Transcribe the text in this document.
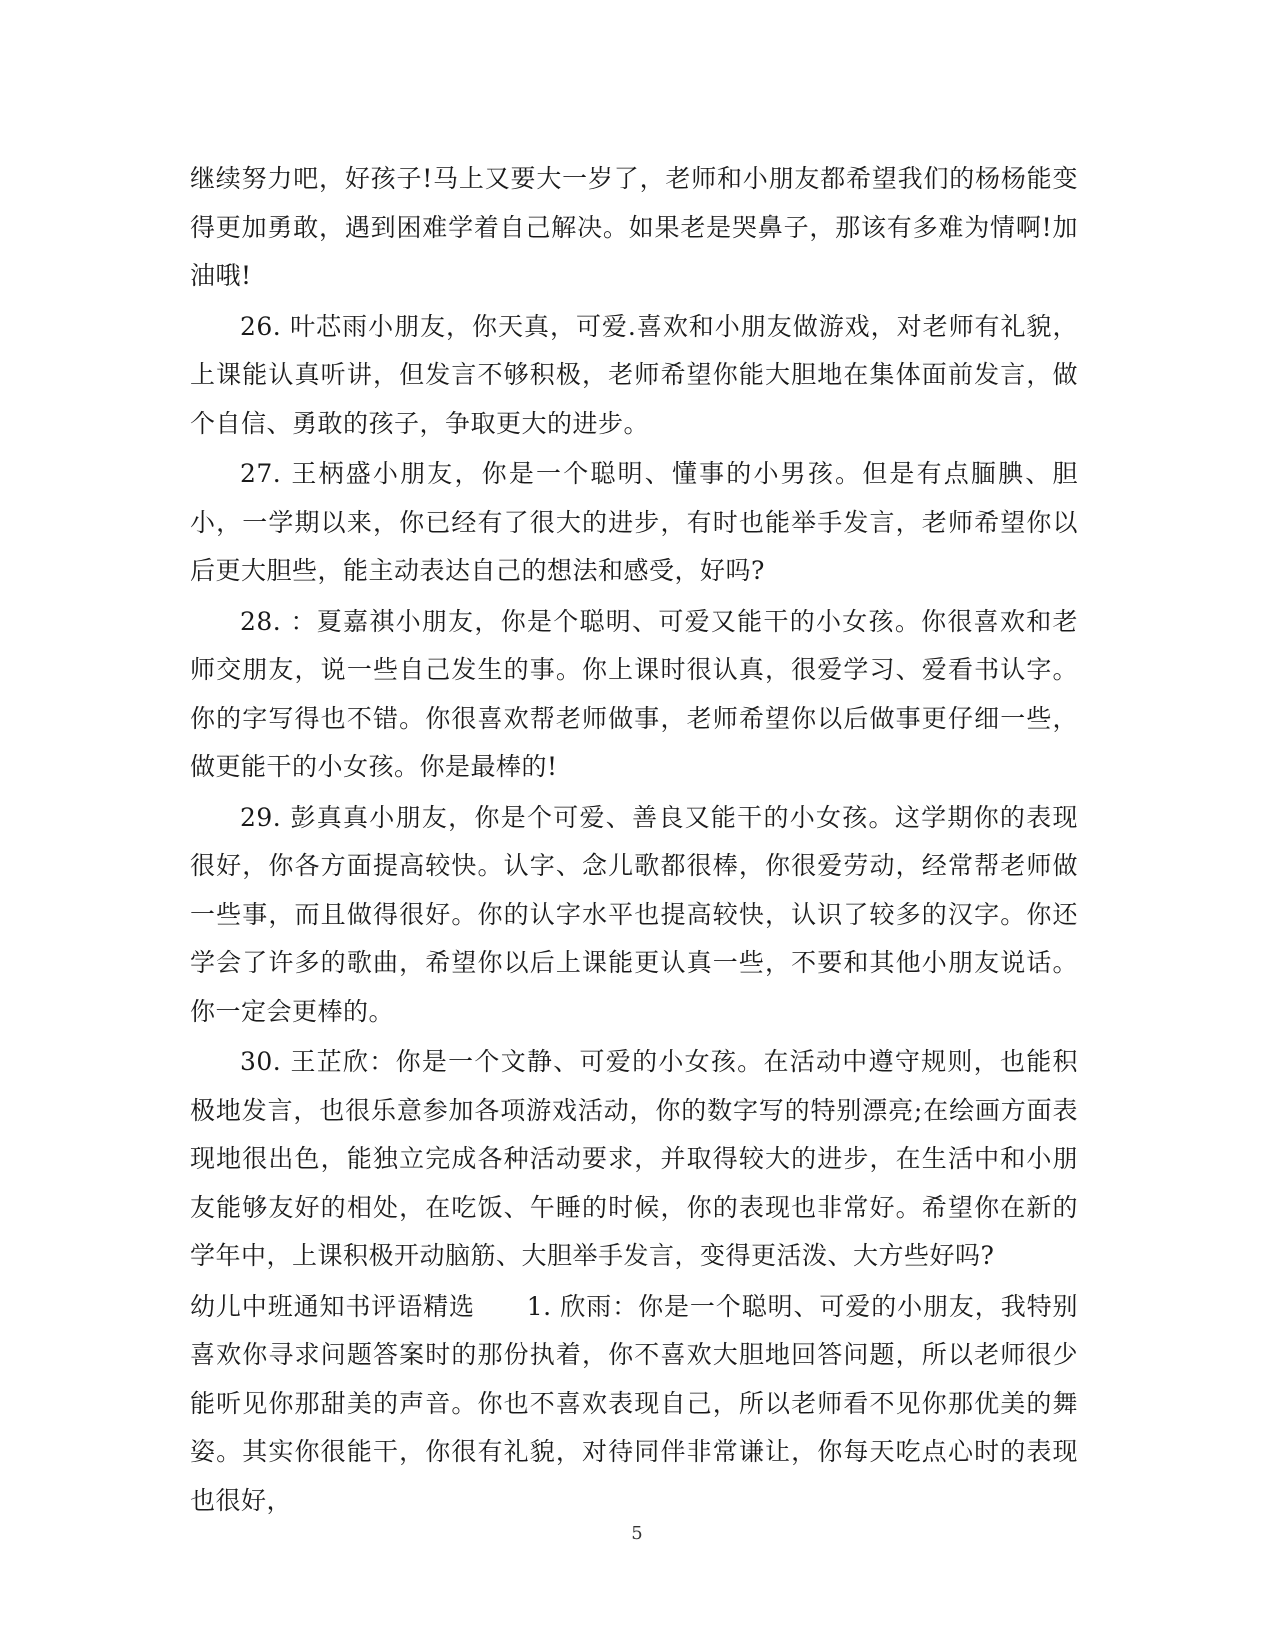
继续努力吧，好孩子!马上又要大一岁了，老师和小朋友都希望我们的杨杨能变得更加勇敢，遇到困难学着自己解决。如果老是哭鼻子，那该有多难为情啊!加油哦!

26. 叶芯雨小朋友，你天真，可爱.喜欢和小朋友做游戏，对老师有礼貌，上课能认真听讲，但发言不够积极，老师希望你能大胆地在集体面前发言，做个自信、勇敢的孩子，争取更大的进步。

27. 王柄盛小朋友，你是一个聪明、懂事的小男孩。但是有点腼腆、胆小，一学期以来，你已经有了很大的进步，有时也能举手发言，老师希望你以后更大胆些，能主动表达自己的想法和感受，好吗?

28. ：夏嘉祺小朋友，你是个聪明、可爱又能干的小女孩。你很喜欢和老师交朋友，说一些自己发生的事。你上课时很认真，很爱学习、爱看书认字。你的字写得也不错。你很喜欢帮老师做事，老师希望你以后做事更仔细一些，做更能干的小女孩。你是最棒的!

29. 彭真真小朋友，你是个可爱、善良又能干的小女孩。这学期你的表现很好，你各方面提高较快。认字、念儿歌都很棒，你很爱劳动，经常帮老师做一些事，而且做得很好。你的认字水平也提高较快，认识了较多的汉字。你还学会了许多的歌曲，希望你以后上课能更认真一些，不要和其他小朋友说话。你一定会更棒的。

30. 王芷欣：你是一个文静、可爱的小女孩。在活动中遵守规则，也能积极地发言，也很乐意参加各项游戏活动，你的数字写的特别漂亮;在绘画方面表现地很出色，能独立完成各种活动要求，并取得较大的进步，在生活中和小朋友能够友好的相处，在吃饭、午睡的时候，你的表现也非常好。希望你在新的学年中，上课积极开动脑筋、大胆举手发言，变得更活泼、大方些好吗?

幼儿中班通知书评语精选　　1. 欣雨：你是一个聪明、可爱的小朋友，我特别喜欢你寻求问题答案时的那份执着，你不喜欢大胆地回答问题，所以老师很少能听见你那甜美的声音。你也不喜欢表现自己，所以老师看不见你那优美的舞姿。其实你很能干，你很有礼貌，对待同伴非常谦让，你每天吃点心时的表现也很好，

5
